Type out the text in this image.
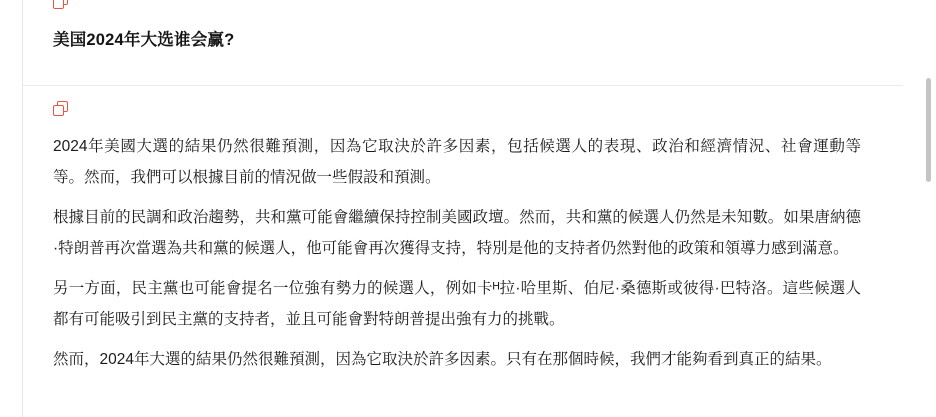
美国2024年大选谁会赢?

2024年美國大選的結果仍然很難預測，因為它取決於許多因素，包括候選人的表現、政治和經濟情況、社會運動等等。然而，我們可以根據目前的情況做一些假設和預測。

根據目前的民調和政治趨勢，共和黨可能會繼續保持控制美國政壇。然而，共和黨的候選人仍然是未知數。如果唐納德·特朗普再次當選為共和黨的候選人，他可能會再次獲得支持，特別是他的支持者仍然對他的政策和領導力感到滿意。

另一方面，民主黨也可能會提名一位強有勢力的候選人，例如卡ᴴ拉·哈里斯、伯尼·桑德斯或彼得·巴特洛。這些候選人都有可能吸引到民主黨的支持者，並且可能會對特朗普提出強有力的挑戰。

然而，2024年大選的結果仍然很難預測，因為它取決於許多因素。只有在那個時候，我們才能夠看到真正的結果。
